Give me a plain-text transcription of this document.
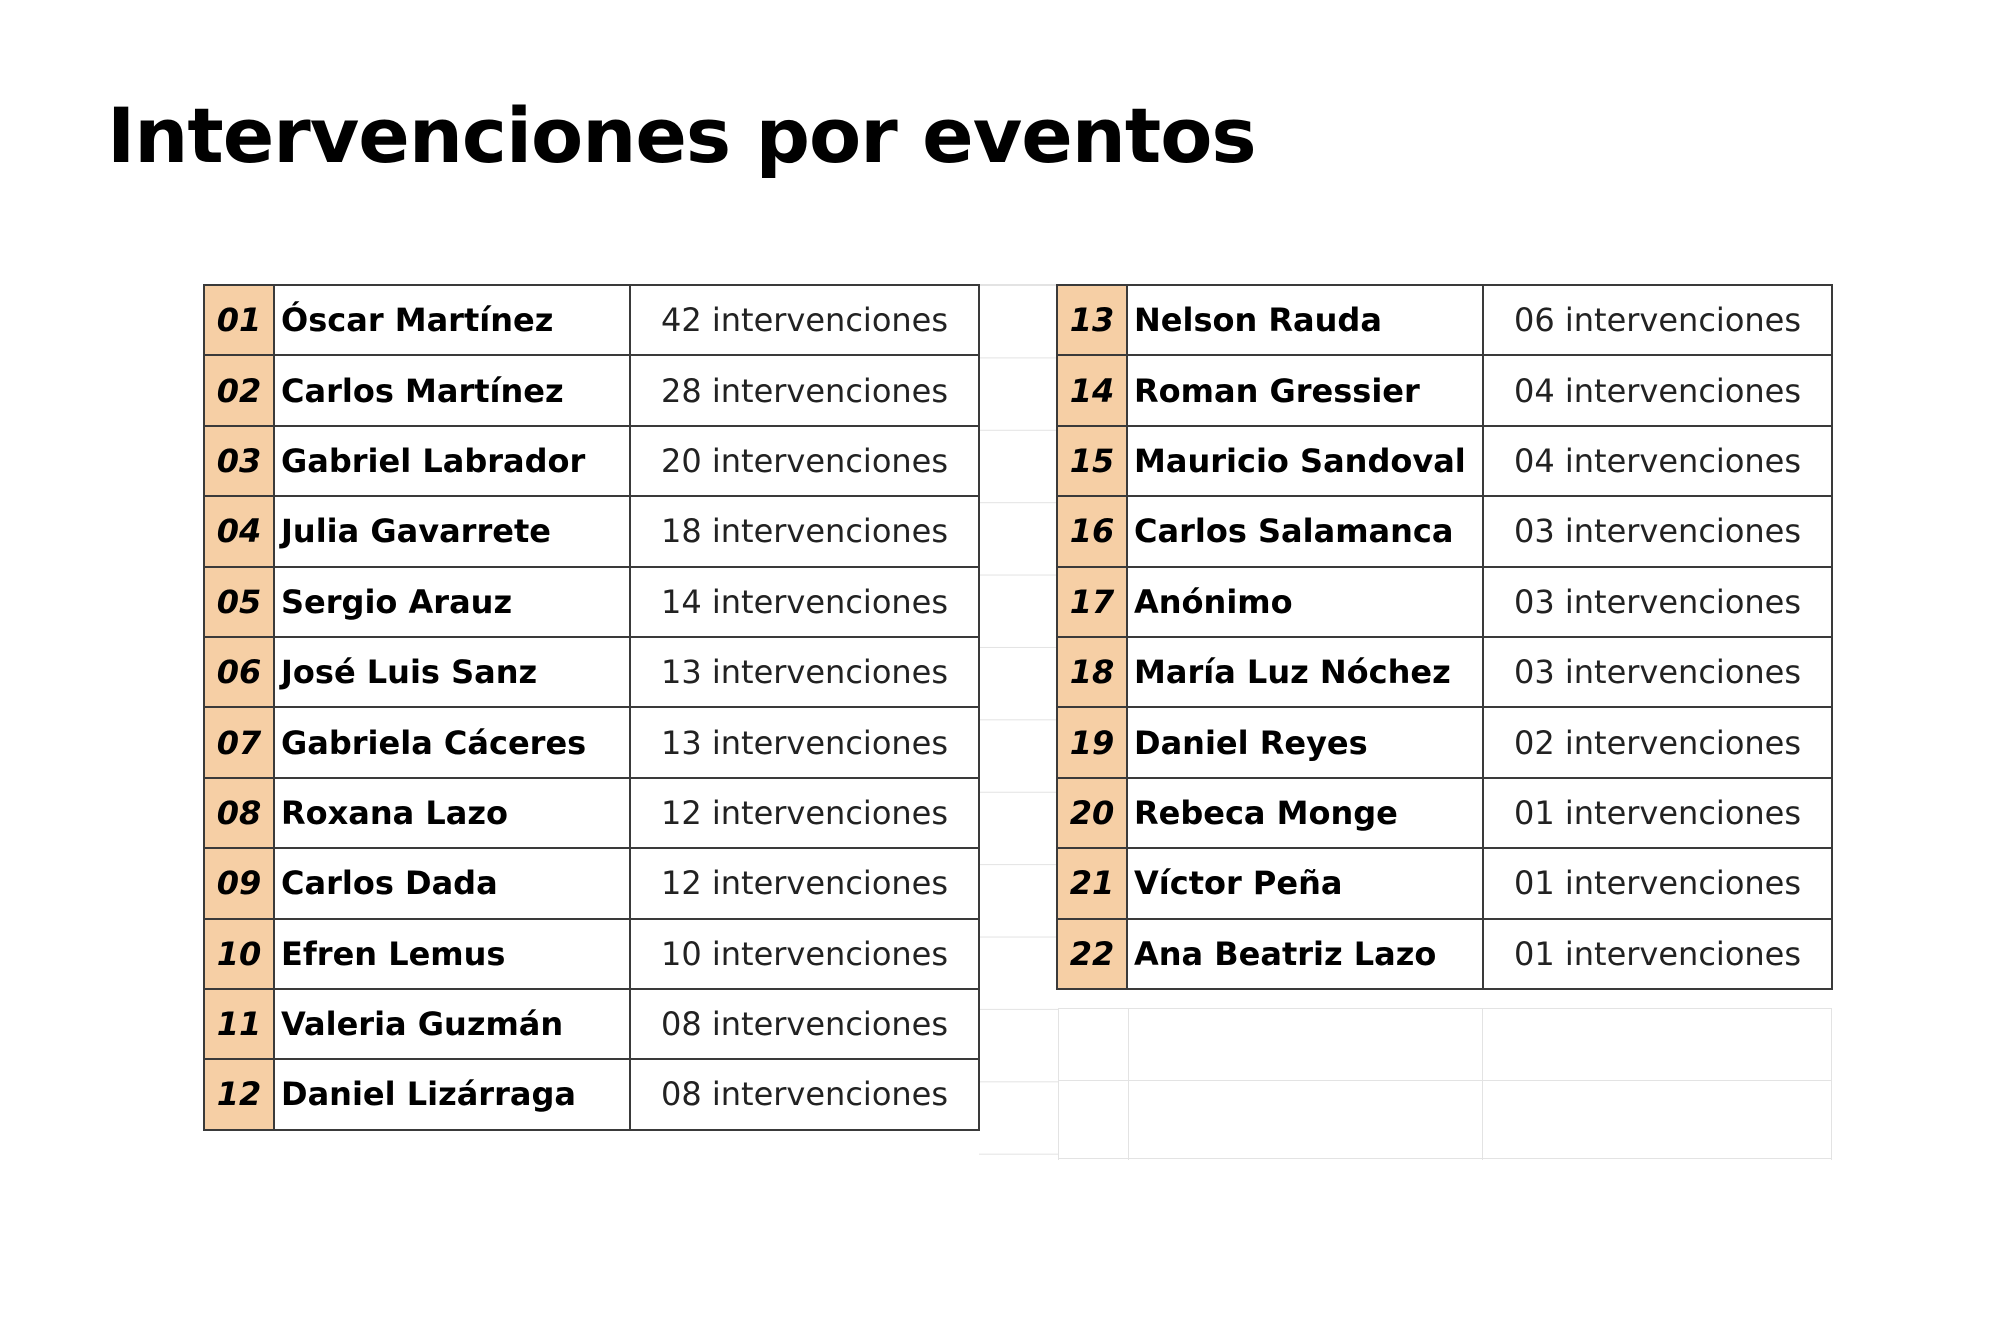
Intervenciones por eventos
01	Óscar Martínez	42 intervenciones
02	Carlos Martínez	28 intervenciones
03	Gabriel Labrador	20 intervenciones
04	Julia Gavarrete	18 intervenciones
05	Sergio Arauz	14 intervenciones
06	José Luis Sanz	13 intervenciones
07	Gabriela Cáceres	13 intervenciones
08	Roxana Lazo	12 intervenciones
09	Carlos Dada	12 intervenciones
10	Efren Lemus	10 intervenciones
11	Valeria Guzmán	08 intervenciones
12	Daniel Lizárraga	08 intervenciones
13	Nelson Rauda	06 intervenciones
14	Roman Gressier	04 intervenciones
15	Mauricio Sandoval	04 intervenciones
16	Carlos Salamanca	03 intervenciones
17	Anónimo	03 intervenciones
18	María Luz Nóchez	03 intervenciones
19	Daniel Reyes	02 intervenciones
20	Rebeca Monge	01 intervenciones
21	Víctor Peña	01 intervenciones
22	Ana Beatriz Lazo	01 intervenciones
